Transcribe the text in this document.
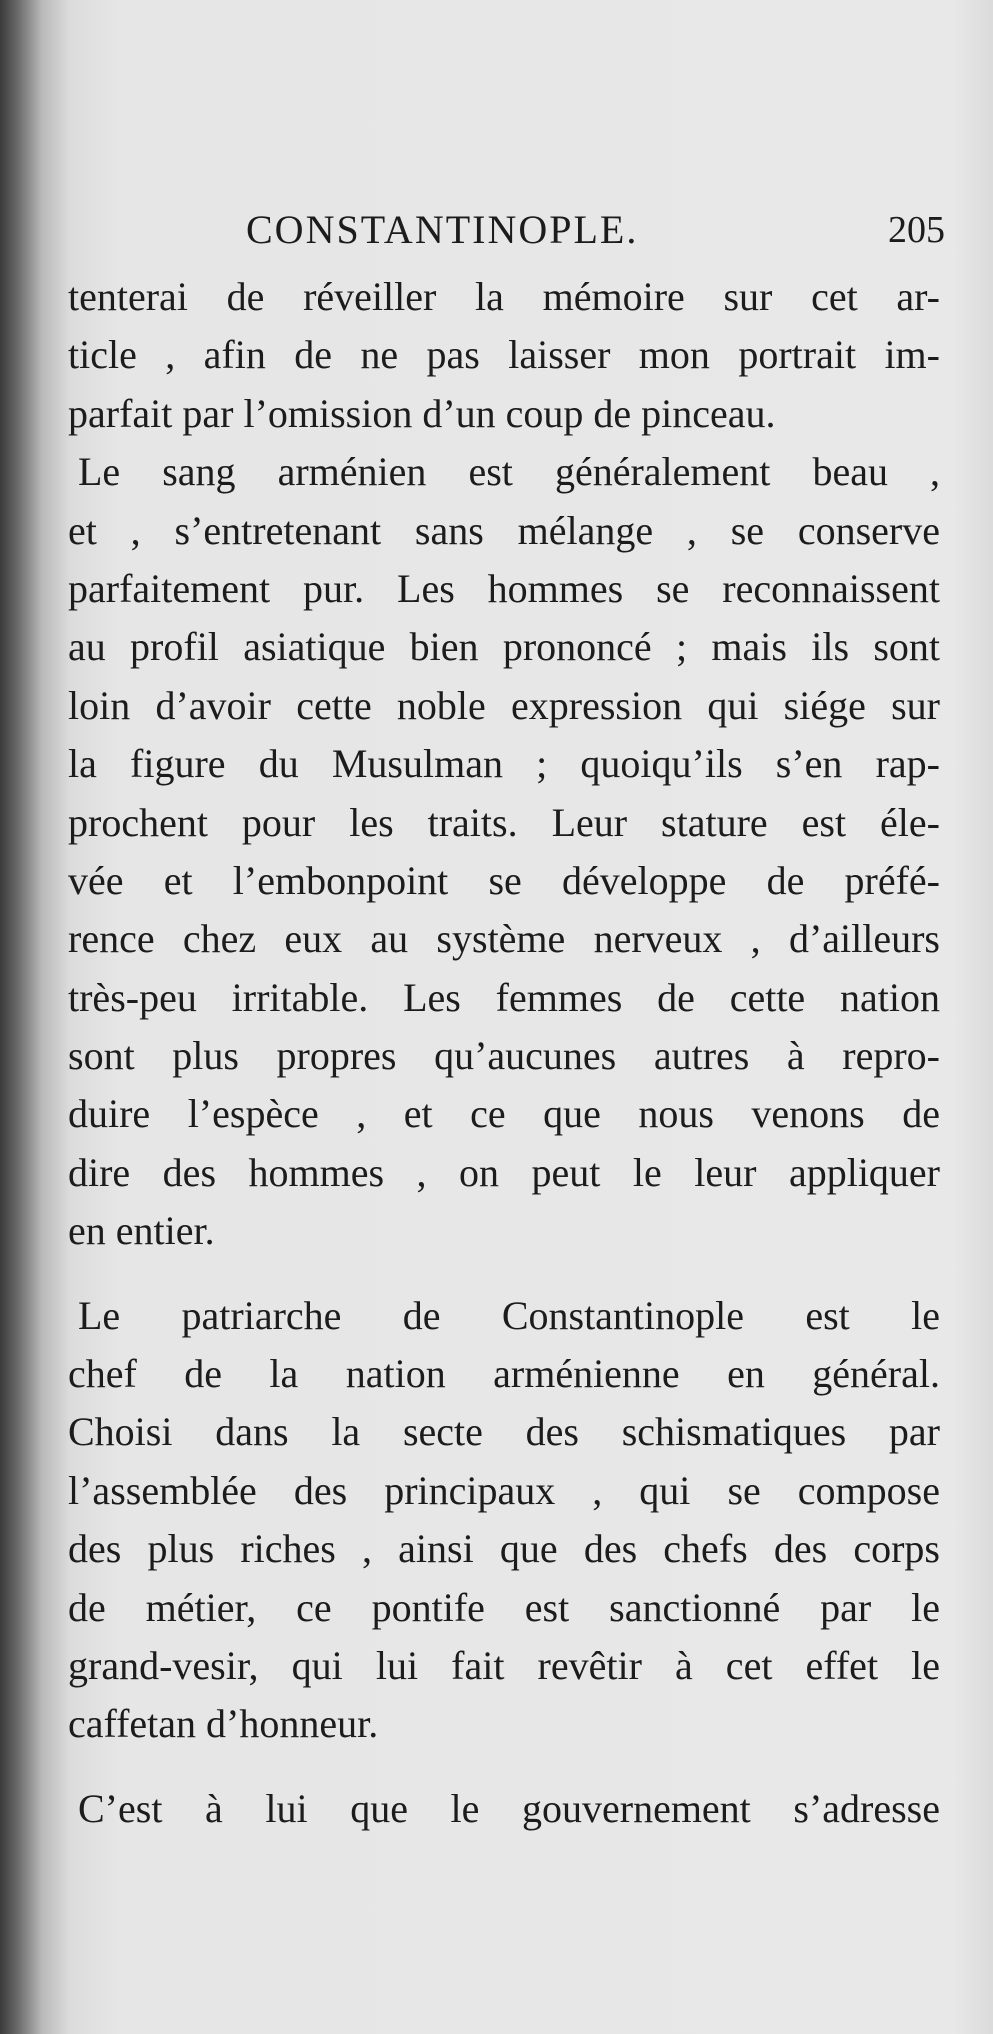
CONSTANTINOPLE.	205
tenterai de réveiller la mémoire sur cet ar-
ticle , afin de ne pas laisser mon portrait im-
parfait par l’omission d’un coup de pinceau.
Le sang arménien est généralement beau ,
et , s’entretenant sans mélange , se conserve
parfaitement pur. Les hommes se reconnaissent
au profil asiatique bien prononcé ; mais ils sont
loin d’avoir cette noble expression qui siége sur
la figure du Musulman ; quoiqu’ils s’en rap-
prochent pour les traits. Leur stature est éle-
vée et l’embonpoint se développe de préfé-
rence chez eux au système nerveux , d’ailleurs
très-peu irritable. Les femmes de cette nation
sont plus propres qu’aucunes autres à repro-
duire l’espèce , et ce que nous venons de
dire des hommes , on peut le leur appliquer
en entier.
Le patriarche de Constantinople est le
chef de la nation arménienne en général.
Choisi dans la secte des schismatiques par
l’assemblée des principaux , qui se compose
des plus riches , ainsi que des chefs des corps
de métier, ce pontife est sanctionné par le
grand-vesir, qui lui fait revêtir à cet effet le
caffetan d’honneur.
C’est à lui que le gouvernement s’adresse
